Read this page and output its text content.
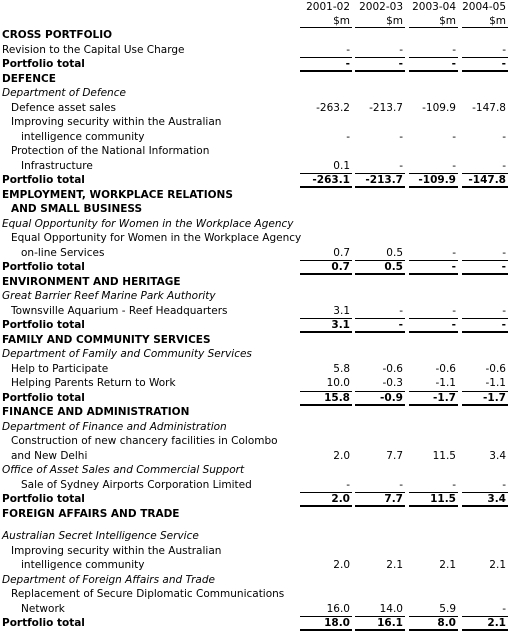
2001-02 2002-03 2003-04 2004-05
$m	$m	$m	$m
CROSS PORTFOLIO
Revision to the Capital Use Charge	-	-	-	-
Portfolio total	-	-	-	-
DEFENCE
Department of Defence
Defence asset sales	-263.2	-213.7	-109.9	-147.8
Improving security within the Australian
intelligence community	-	-	-	-
Protection of the National Information
Infrastructure	0.1	-	-	-
Portfolio total	-263.1	-213.7	-109.9	-147.8
EMPLOYMENT, WORKPLACE RELATIONS
AND SMALL BUSINESS
Equal Opportunity for Women in the Workplace Agency
Equal Opportunity for Women in the Workplace Agency
on-line Services	0.7	0.5	-	-
Portfolio total	0.7	0.5	-	-
ENVIRONMENT AND HERITAGE
Great Barrier Reef Marine Park Authority
Townsville Aquarium - Reef Headquarters	3.1	-	-	-
Portfolio total	3.1	-	-	-
FAMILY AND COMMUNITY SERVICES
Department of Family and Community Services
Help to Participate	5.8	-0.6	-0.6	-0.6
Helping Parents Return to Work	10.0	-0.3	-1.1	-1.1
Portfolio total	15.8	-0.9	-1.7	-1.7
FINANCE AND ADMINISTRATION
Department of Finance and Administration
Construction of new chancery facilities in Colombo
and New Delhi	2.0	7.7	11.5	3.4
Office of Asset Sales and Commercial Support
Sale of Sydney Airports Corporation Limited	-	-	-	-
Portfolio total	2.0	7.7	11.5	3.4
FOREIGN AFFAIRS AND TRADE
Australian Secret Intelligence Service
Improving security within the Australian
intelligence community	2.0	2.1	2.1	2.1
Department of Foreign Affairs and Trade
Replacement of Secure Diplomatic Communications
Network	16.0	14.0	5.9	-
Portfolio total	18.0	16.1	8.0	2.1
